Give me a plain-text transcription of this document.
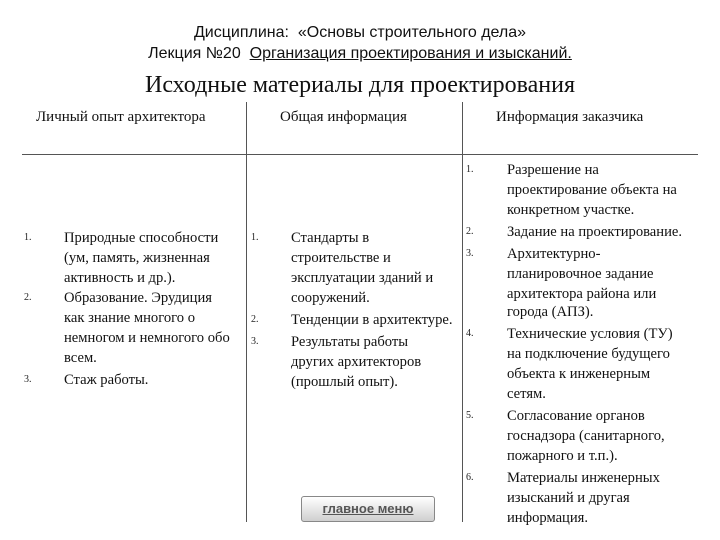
Дисциплина: «Основы строительного дела»
Лекция №20 Организация проектирования и изысканий.
Исходные материалы для проектирования
Личный опыт архитектора	Общая информация	Информация заказчика
1. Природные способности
(ум, память, жизненная
активность и др.).
2. Образование. Эрудиция
как знание многого о
немногом и немногого обо
всем.
3. Стаж работы.
1. Стандарты в
строительстве и
эксплуатации зданий и
сооружений.
2. Тенденции в архитектуре.
3. Результаты работы
других архитекторов
(прошлый опыт).
1. Разрешение на
проектирование объекта на
конкретном участке.
2. Задание на проектирование.
3. Архитектурно-
планировочное задание
архитектора района или
города (АПЗ).
4. Технические условия (ТУ)
на подключение будущего
объекта к инженерным
сетям.
5. Согласование органов
госнадзора (санитарного,
пожарного и т.п.).
6. Материалы инженерных
изысканий и другая
информация.
главное меню
